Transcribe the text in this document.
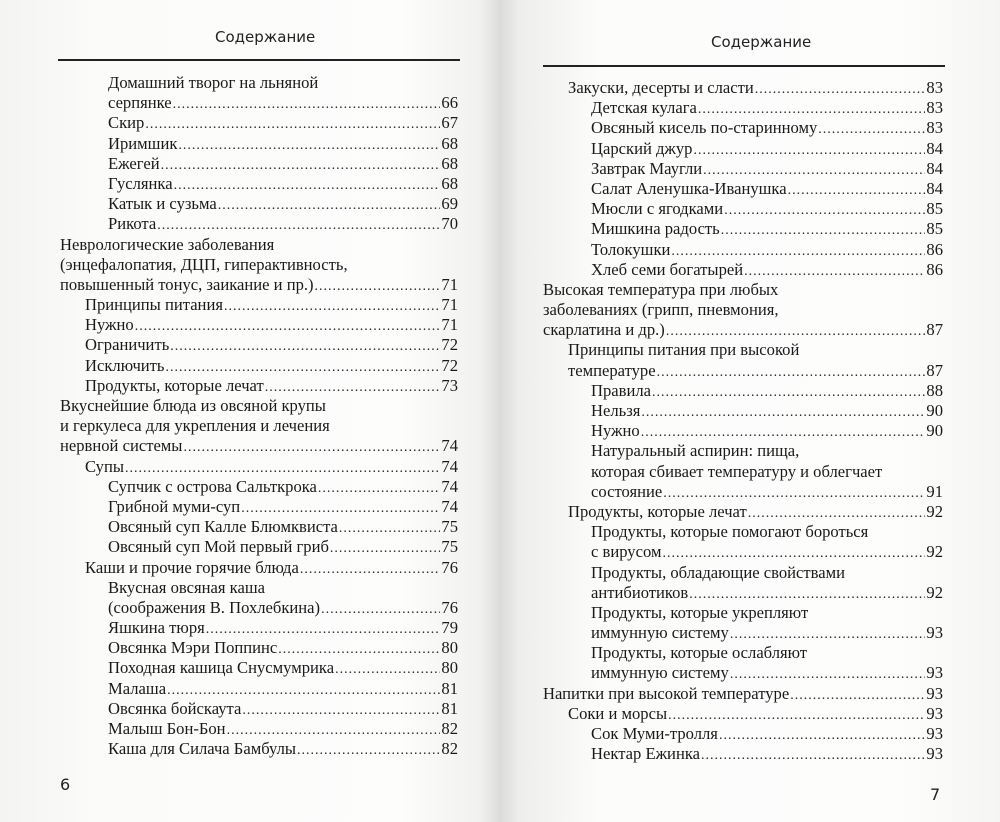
Содержание
Домашний творог на льняной
серпянке .....	66
Скир .....	67
Иримшик .....	68
Ежегей .....	68
Гуслянка .....	68
Катык и сузьма .....	69
Рикота .....	70
Неврологические заболевания
(энцефалопатия, ДЦП, гиперактивность,
повышенный тонус, заикание и пр.) .....	71
Принципы питания .....	71
Нужно .....	71
Ограничить .....	72
Исключить .....	72
Продукты, которые лечат .....	73
Вкуснейшие блюда из овсяной крупы
и геркулеса для укрепления и лечения
нервной системы .....	74
Супы .....	74
Супчик с острова Сальткрока .....	74
Грибной муми-суп .....	74
Овсяный суп Калле Блюмквиста .....	75
Овсяный суп Мой первый гриб .....	75
Каши и прочие горячие блюда .....	76
Вкусная овсяная каша
(соображения В. Похлебкина) .....	76
Яшкина тюря .....	79
Овсянка Мэри Поппинс .....	80
Походная кашица Снусмумрика .....	80
Малаша .....	81
Овсянка бойскаута .....	81
Малыш Бон-Бон .....	82
Каша для Силача Бамбулы .....	82
6
Содержание
Закуски, десерты и сласти .....	83
Детская кулага .....	83
Овсяный кисель по-старинному .....	83
Царский джур .....	84
Завтрак Маугли .....	84
Салат Аленушка-Иванушка .....	84
Мюсли с ягодками .....	85
Мишкина радость .....	85
Толокушки .....	86
Хлеб семи богатырей .....	86
Высокая температура при любых
заболеваниях (грипп, пневмония,
скарлатина и др.) .....	87
Принципы питания при высокой
температуре .....	87
Правила .....	88
Нельзя .....	90
Нужно .....	90
Натуральный аспирин: пища,
которая сбивает температуру и облегчает
состояние .....	91
Продукты, которые лечат .....	92
Продукты, которые помогают бороться
с вирусом .....	92
Продукты, обладающие свойствами
антибиотиков .....	92
Продукты, которые укрепляют
иммунную систему .....	93
Продукты, которые ослабляют
иммунную систему .....	93
Напитки при высокой температуре .....	93
Соки и морсы .....	93
Сок Муми-тролля .....	93
Нектар Ежинка .....	93
7
